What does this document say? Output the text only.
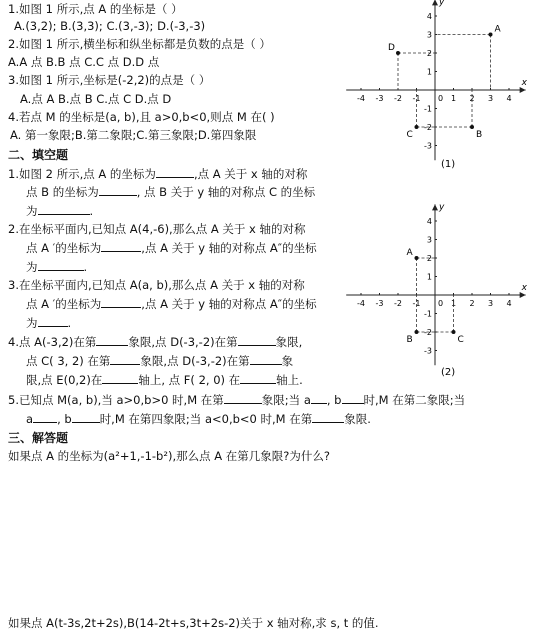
1.如图 1 所示,点 A 的坐标是（ ）
A.(3,2); B.(3,3); C.(3,-3); D.(-3,-3)
2.如图 1 所示,横坐标和纵坐标都是负数的点是（ ）
A.A 点 B.B 点 C.C 点 D.D 点
3.如图 1 所示,坐标是(-2,2)的点是（ ）
A.点 A B.点 B C.点 C D.点 D
4.若点 M 的坐标是(a, b),且 a>0,b<0,则点 M 在( )
A. 第一象限;B.第二象限;C.第三象限;D.第四象限
二、填空题
1.如图 2 所示,点 A 的坐标为	,点 A 关于 x 轴的对称
点 B 的坐标为	, 点 B 关于 y 轴的对称点 C 的坐标
为	.
2.在坐标平面内,已知点 A(4,-6),那么点 A 关于 x 轴的对称
点 A ′的坐标为	,点 A 关于 y 轴的对称点 A″的坐标
为	.
3.在坐标平面内,已知点 A(a, b),那么点 A 关于 x 轴的对称
点 A ′的坐标为	,点 A 关于 y 轴的对称点 A″的坐标
为	.
4.点 A(-3,2)在第	象限,点 D(-3,-2)在第	象限,
点 C( 3, 2) 在第	象限,点 D(-3,-2)在第	象
限,点 E(0,2)在	轴上, 点 F( 2, 0) 在	轴上.
5.已知点 M(a, b),当 a>0,b>0 时,M 在第	象限;当 a , b 时,M 在第二象限;当
a , b 时,M 在第四象限;当 a<0,b<0 时,M 在第	象限.
三、解答题
如果点 A 的坐标为(a²+1,-1-b²),那么点 A 在第几象限?为什么?
如果点 A(t-3s,2t+2s),B(14-2t+s,3t+2s-2)关于 x 轴对称,求 s, t 的值.
x
y
0
-4 -3 -2 -1	1 2 3 4
4
3
2
1
-1
-2
-3
A
B
C
D
(1)
x
y
0
-4 -3 -2 -1	1 2 3 4
4
3
2
1
-1
-2
-3
A
B	C
(2)
